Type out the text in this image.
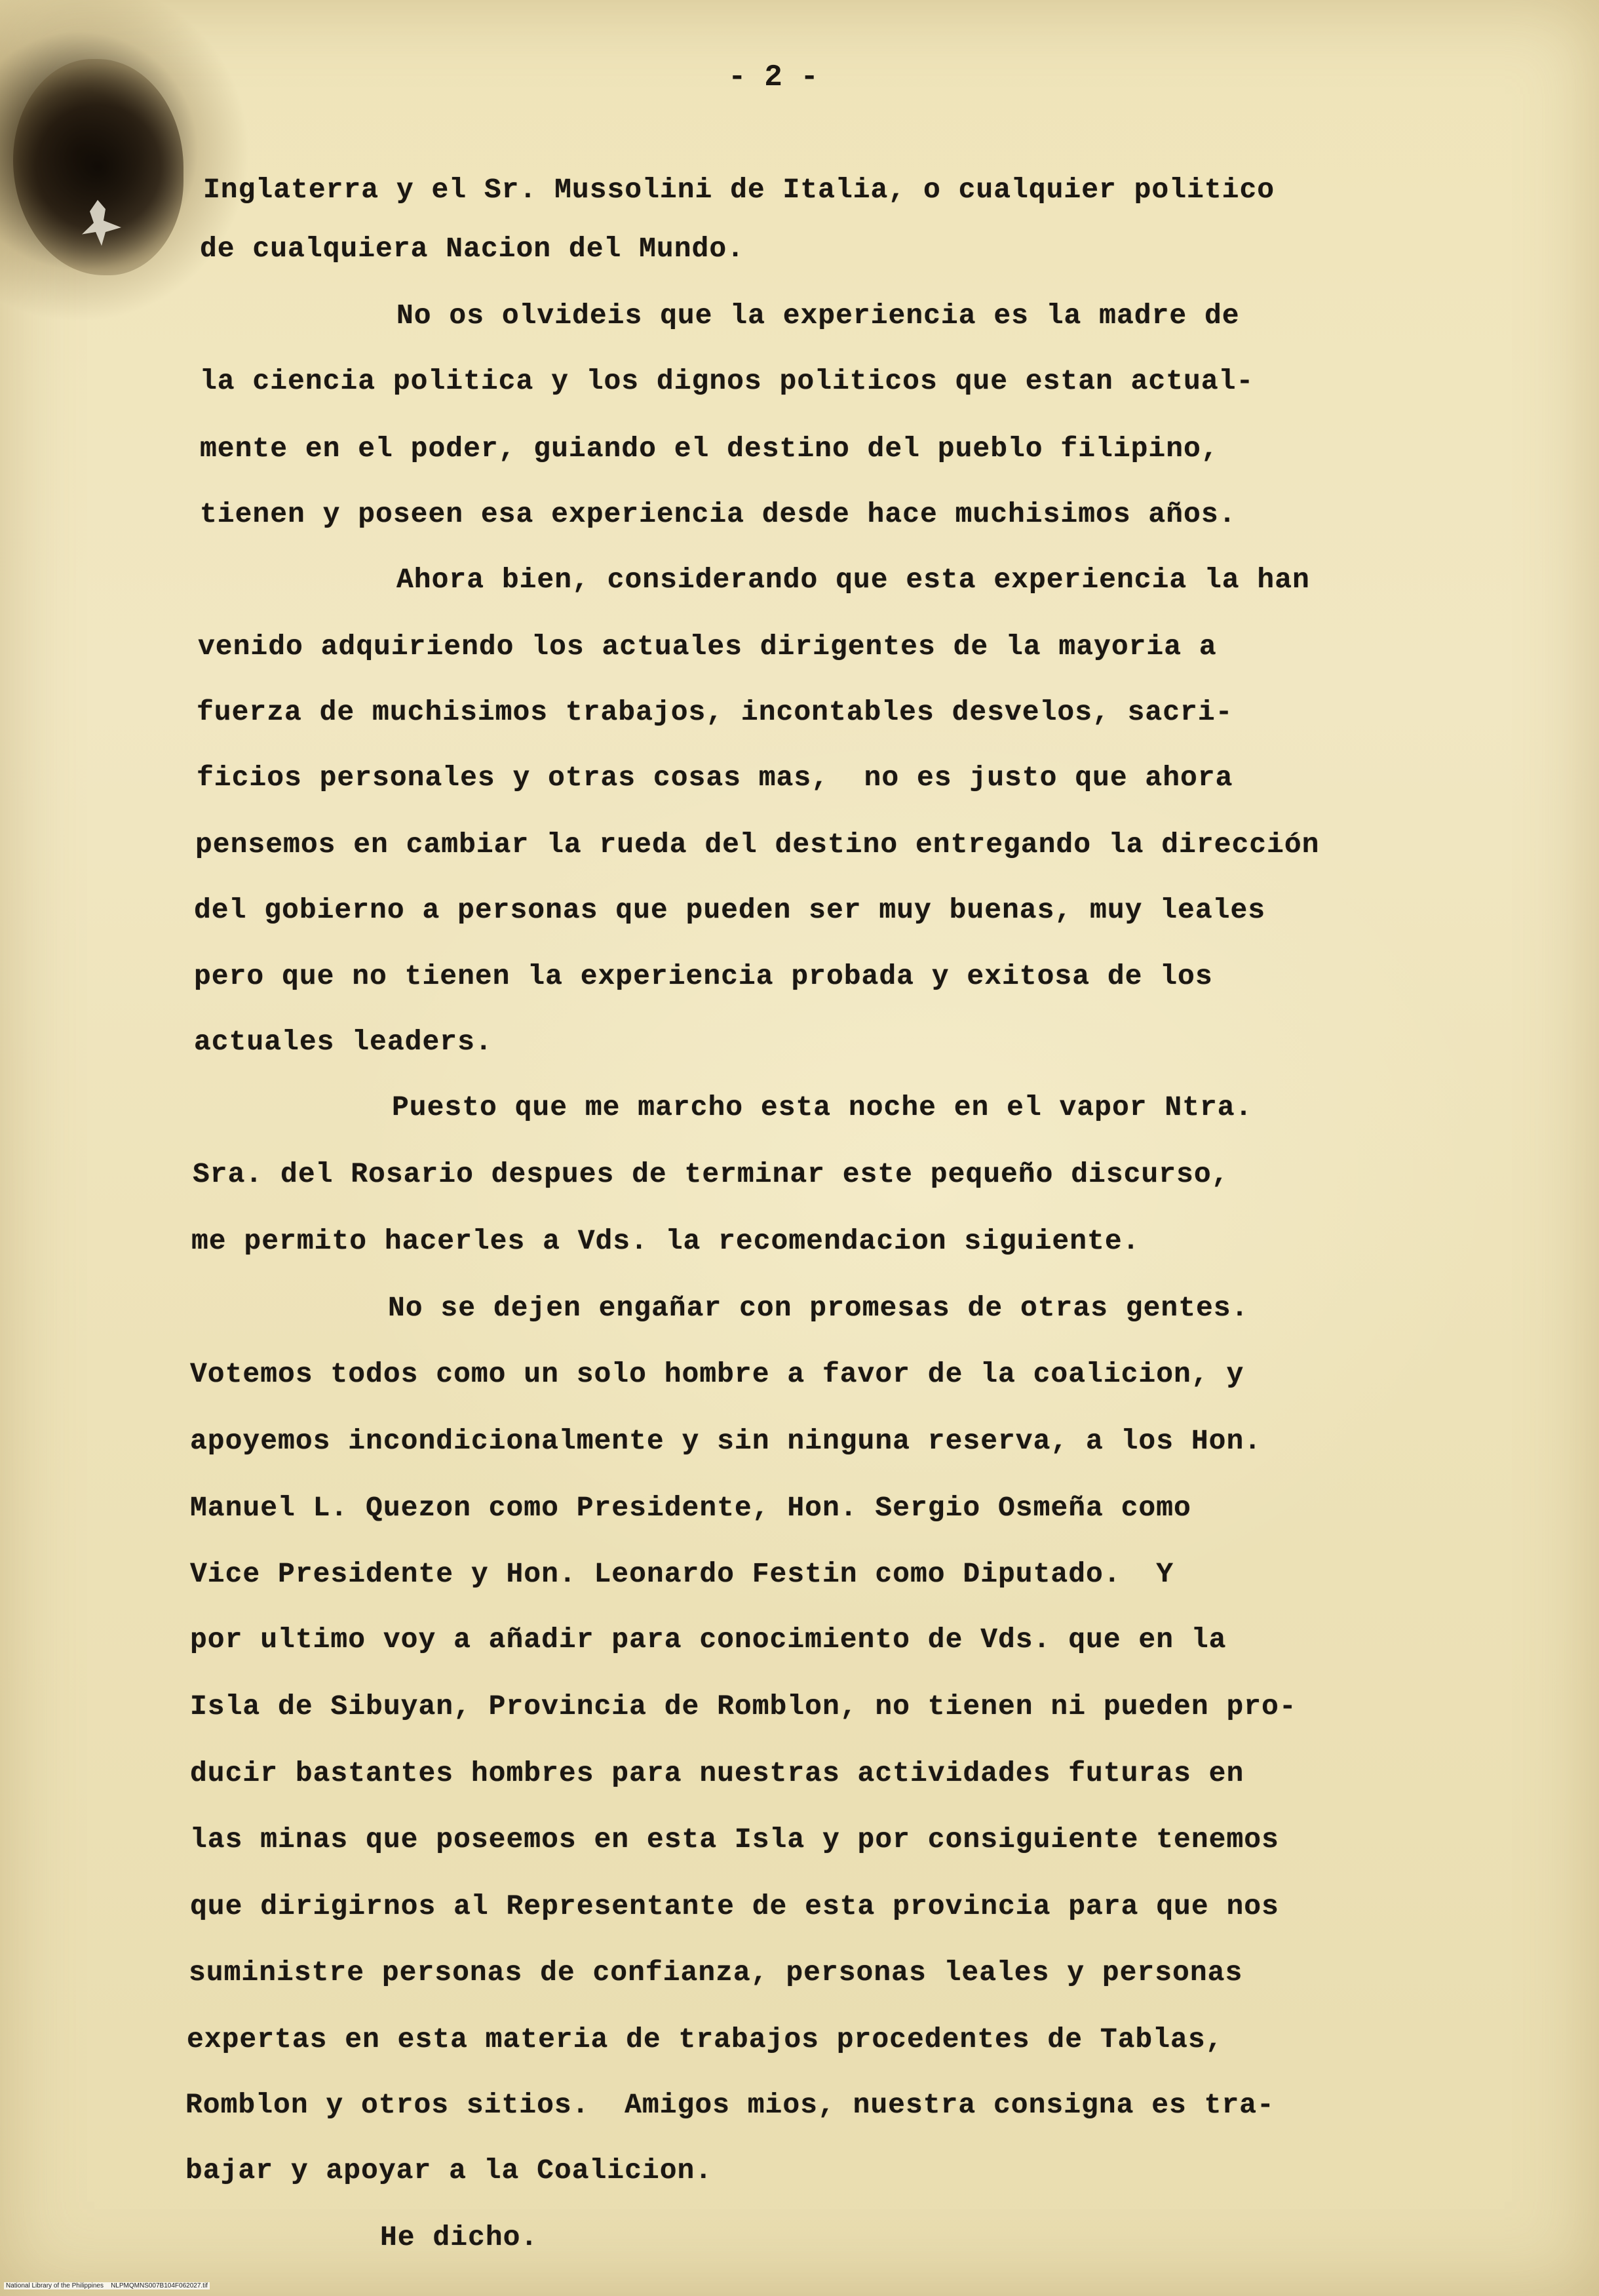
- 2 -
Inglaterra y el Sr. Mussolini de Italia, o cualquier politico
de cualquiera Nacion del Mundo.
No os olvideis que la experiencia es la madre de
la ciencia politica y los dignos politicos que estan actual-
mente en el poder, guiando el destino del pueblo filipino,
tienen y poseen esa experiencia desde hace muchisimos años.
Ahora bien, considerando que esta experiencia la han
venido adquiriendo los actuales dirigentes de la mayoria a
fuerza de muchisimos trabajos, incontables desvelos, sacri-
ficios personales y otras cosas mas,  no es justo que ahora
pensemos en cambiar la rueda del destino entregando la dirección
del gobierno a personas que pueden ser muy buenas, muy leales
pero que no tienen la experiencia probada y exitosa de los
actuales leaders.
Puesto que me marcho esta noche en el vapor Ntra.
Sra. del Rosario despues de terminar este pequeño discurso,
me permito hacerles a Vds. la recomendacion siguiente.
No se dejen engañar con promesas de otras gentes.
Votemos todos como un solo hombre a favor de la coalicion, y
apoyemos incondicionalmente y sin ninguna reserva, a los Hon.
Manuel L. Quezon como Presidente, Hon. Sergio Osmeña como
Vice Presidente y Hon. Leonardo Festin como Diputado.  Y
por ultimo voy a añadir para conocimiento de Vds. que en la
Isla de Sibuyan, Provincia de Romblon, no tienen ni pueden pro-
ducir bastantes hombres para nuestras actividades futuras en
las minas que poseemos en esta Isla y por consiguiente tenemos
que dirigirnos al Representante de esta provincia para que nos
suministre personas de confianza, personas leales y personas
expertas en esta materia de trabajos procedentes de Tablas,
Romblon y otros sitios.  Amigos mios, nuestra consigna es tra-
bajar y apoyar a la Coalicion.
He dicho.
National Library of the Philippines    NLPMQMNS007B104F062027.tif
